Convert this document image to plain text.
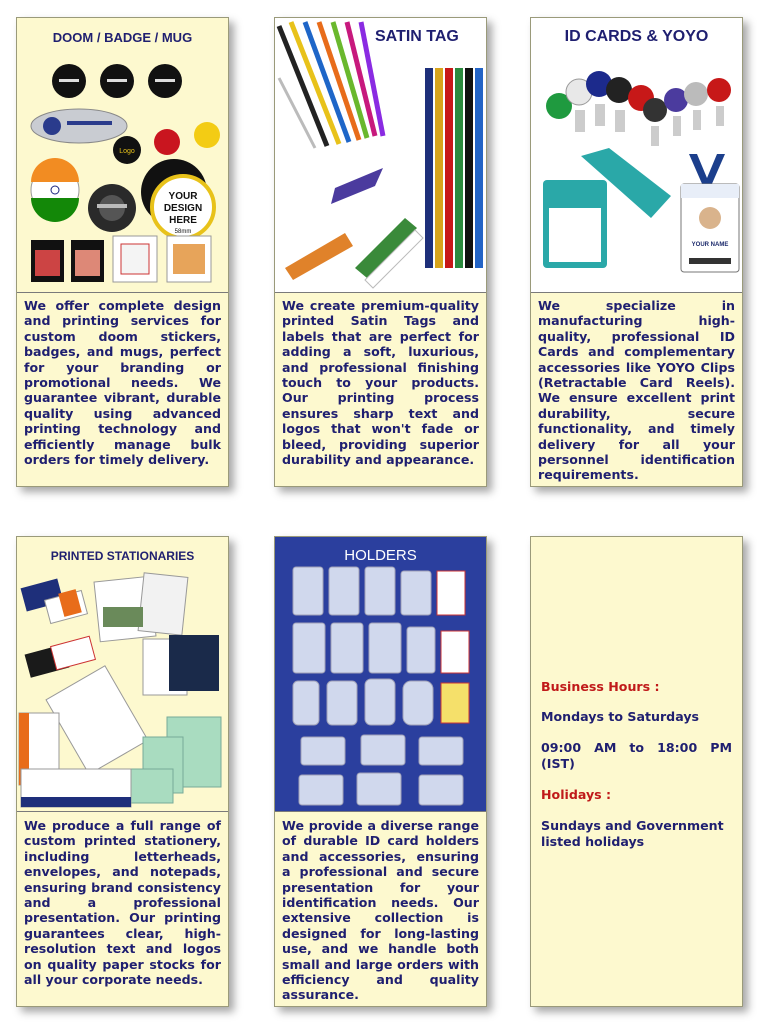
DOOM / BADGE / MUG
Logo
YOUR
DESIGN
HERE
58mm
We offer complete design and printing services for custom doom stickers, badges, and mugs, perfect for your branding or promotional needs. We guarantee vibrant, durable quality using advanced printing technology and efficiently manage bulk orders for timely delivery.
SATIN TAG
We create premium-quality printed Satin Tags and labels that are perfect for adding a soft, luxurious, and professional finishing touch to your products. Our printing process ensures sharp text and logos that won't fade or bleed, providing superior durability and appearance.
ID CARDS & YOYO
YOUR NAME
We specialize in manufacturing high-quality, professional ID Cards and complementary accessories like YOYO Clips (Retractable Card Reels). We ensure excellent print durability, secure functionality, and timely delivery for all your personnel identification requirements.
PRINTED STATIONARIES
We produce a full range of custom printed stationery, including letterheads, envelopes, and notepads, ensuring brand consistency and a professional presentation. Our printing guarantees clear, high-resolution text and logos on quality paper stocks for all your corporate needs.
HOLDERS
We provide a diverse range of durable ID card holders and accessories, ensuring a professional and secure presentation for your identification needs. Our extensive collection is designed for long-lasting use, and we handle both small and large orders with efficiency and quality assurance.
Business Hours :
Mondays to Saturdays
09:00 AM to 18:00 PM (IST)
Holidays :
Sundays and Government listed holidays
